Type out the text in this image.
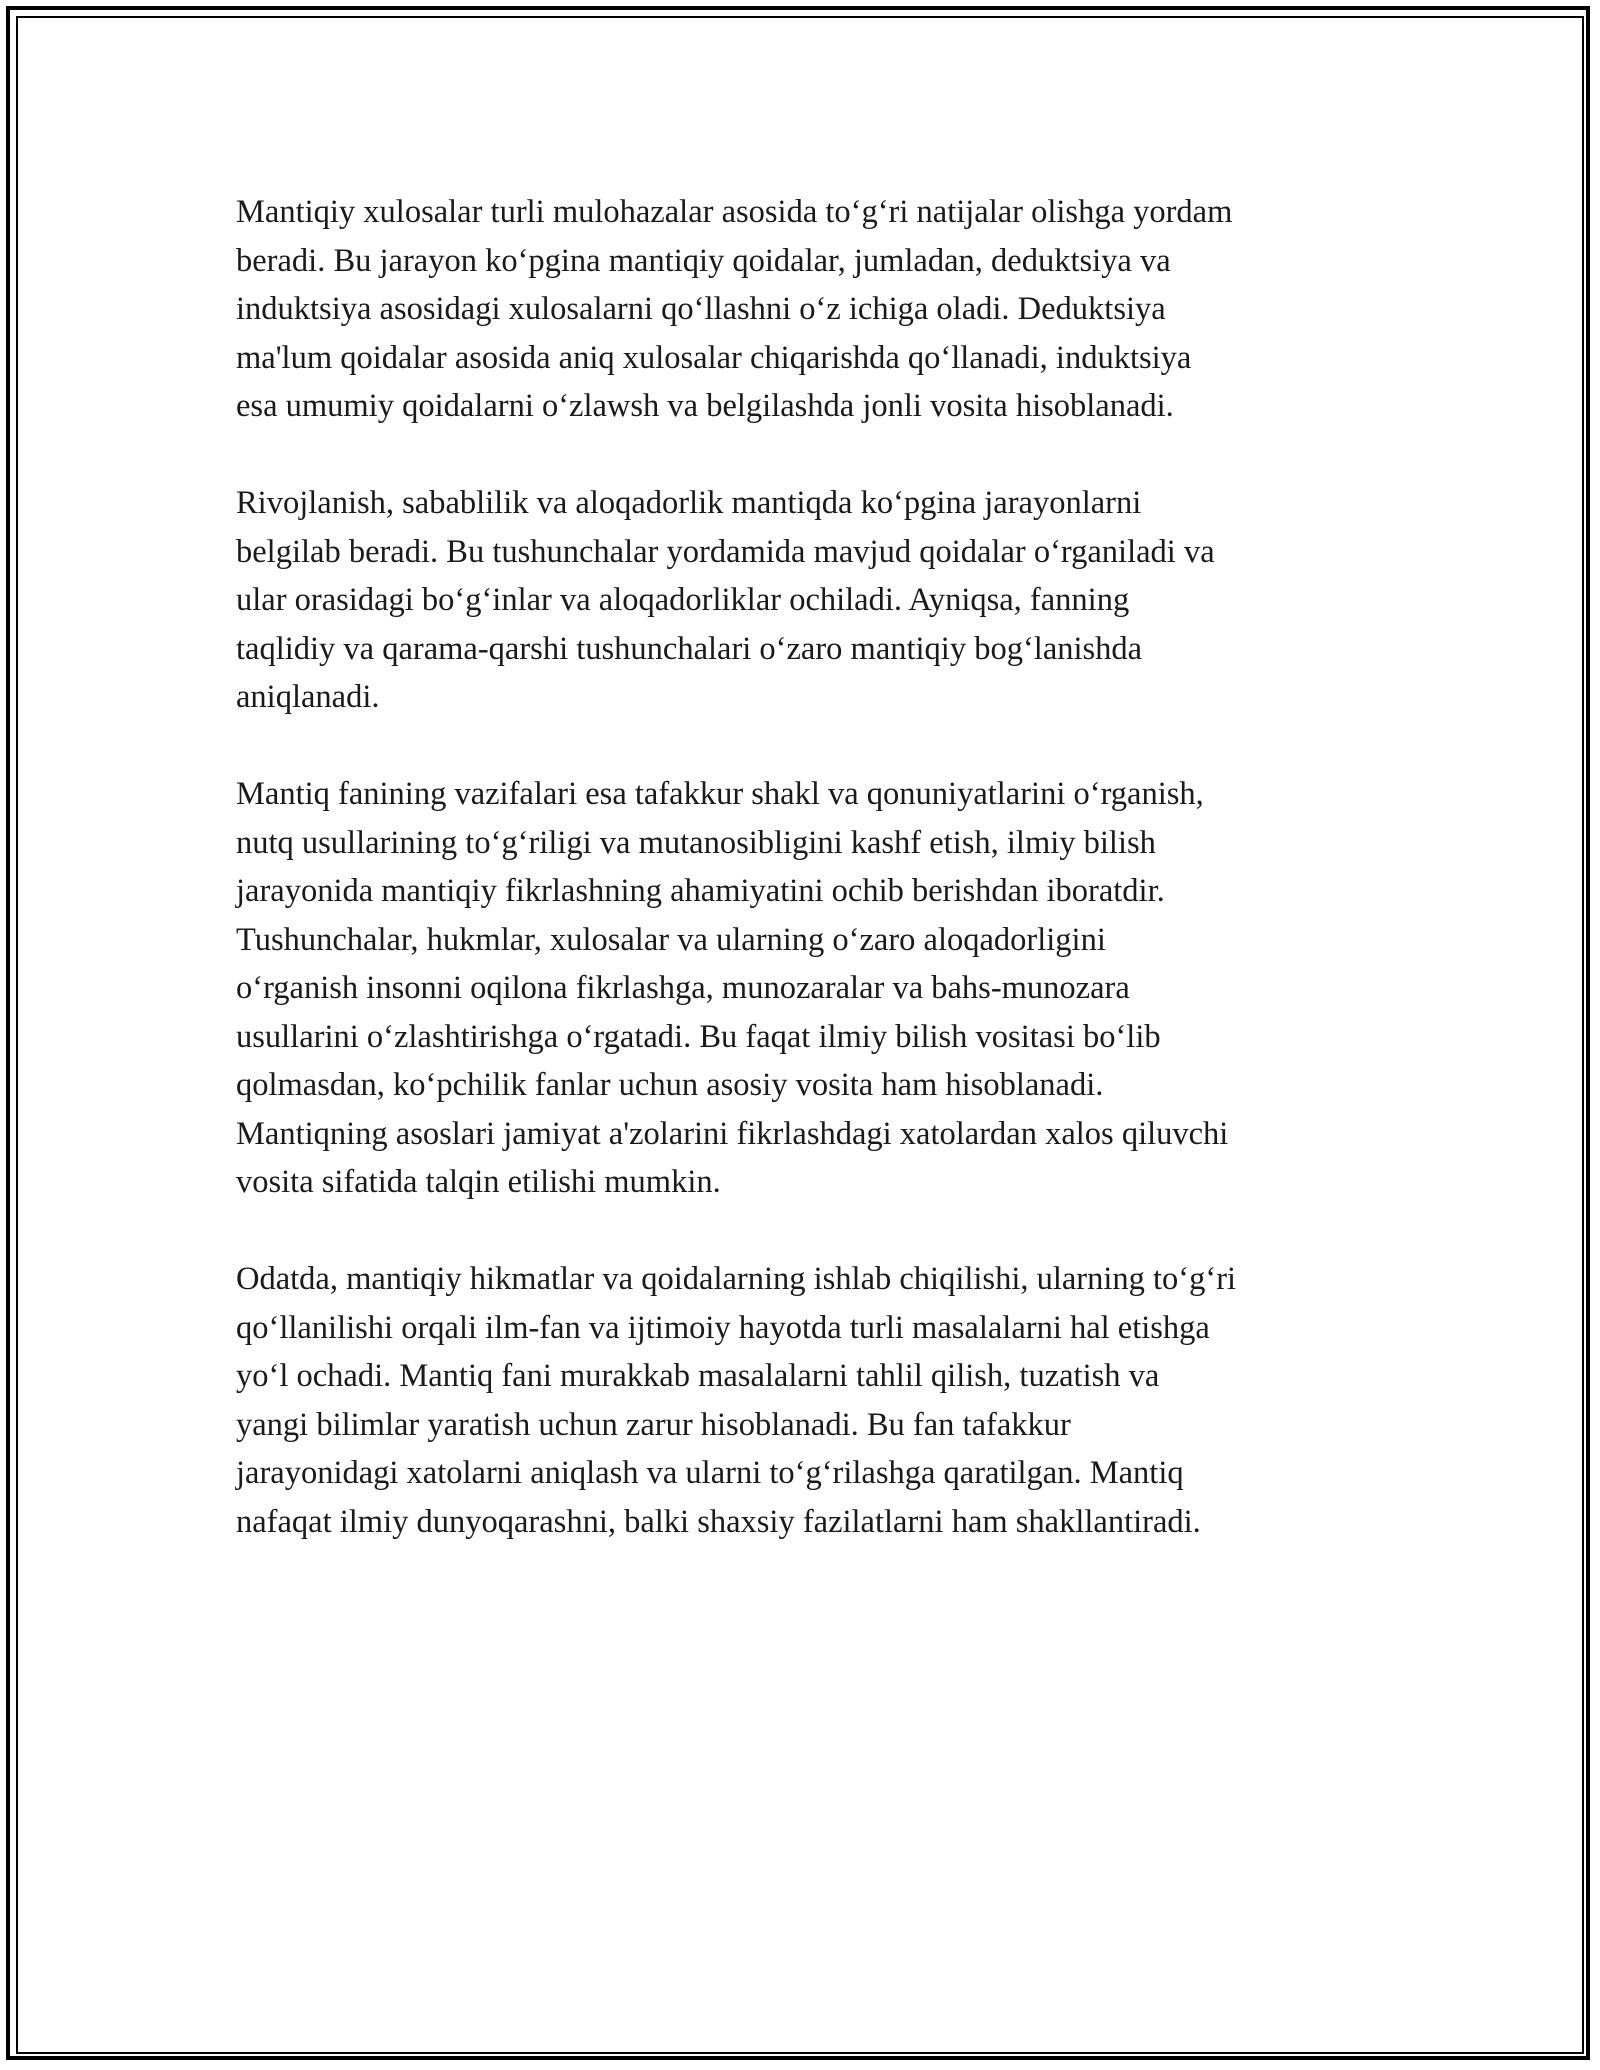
Mantiqiy xulosalar turli mulohazalar asosida to‘g‘ri natijalar olishga yordam
beradi. Bu jarayon ko‘pgina mantiqiy qoidalar, jumladan, deduktsiya va
induktsiya asosidagi xulosalarni qo‘llashni o‘z ichiga oladi. Deduktsiya
ma'lum qoidalar asosida aniq xulosalar chiqarishda qo‘llanadi, induktsiya
esa umumiy qoidalarni o‘zlawsh va belgilashda jonli vosita hisoblanadi.

Rivojlanish, sabablilik va aloqadorlik mantiqda ko‘pgina jarayonlarni
belgilab beradi. Bu tushunchalar yordamida mavjud qoidalar o‘rganiladi va
ular orasidagi bo‘g‘inlar va aloqadorliklar ochiladi. Ayniqsa, fanning
taqlidiy va qarama-qarshi tushunchalari o‘zaro mantiqiy bog‘lanishda
aniqlanadi.

Mantiq fanining vazifalari esa tafakkur shakl va qonuniyatlarini o‘rganish,
nutq usullarining to‘g‘riligi va mutanosibligini kashf etish, ilmiy bilish
jarayonida mantiqiy fikrlashning ahamiyatini ochib berishdan iboratdir.
Tushunchalar, hukmlar, xulosalar va ularning o‘zaro aloqadorligini
o‘rganish insonni oqilona fikrlashga, munozaralar va bahs-munozara
usullarini o‘zlashtirishga o‘rgatadi. Bu faqat ilmiy bilish vositasi bo‘lib
qolmasdan, ko‘pchilik fanlar uchun asosiy vosita ham hisoblanadi.
Mantiqning asoslari jamiyat a'zolarini fikrlashdagi xatolardan xalos qiluvchi
vosita sifatida talqin etilishi mumkin.

Odatda, mantiqiy hikmatlar va qoidalarning ishlab chiqilishi, ularning to‘g‘ri
qo‘llanilishi orqali ilm-fan va ijtimoiy hayotda turli masalalarni hal etishga
yo‘l ochadi. Mantiq fani murakkab masalalarni tahlil qilish, tuzatish va
yangi bilimlar yaratish uchun zarur hisoblanadi. Bu fan tafakkur
jarayonidagi xatolarni aniqlash va ularni to‘g‘rilashga qaratilgan. Mantiq
nafaqat ilmiy dunyoqarashni, balki shaxsiy fazilatlarni ham shakllantiradi.
